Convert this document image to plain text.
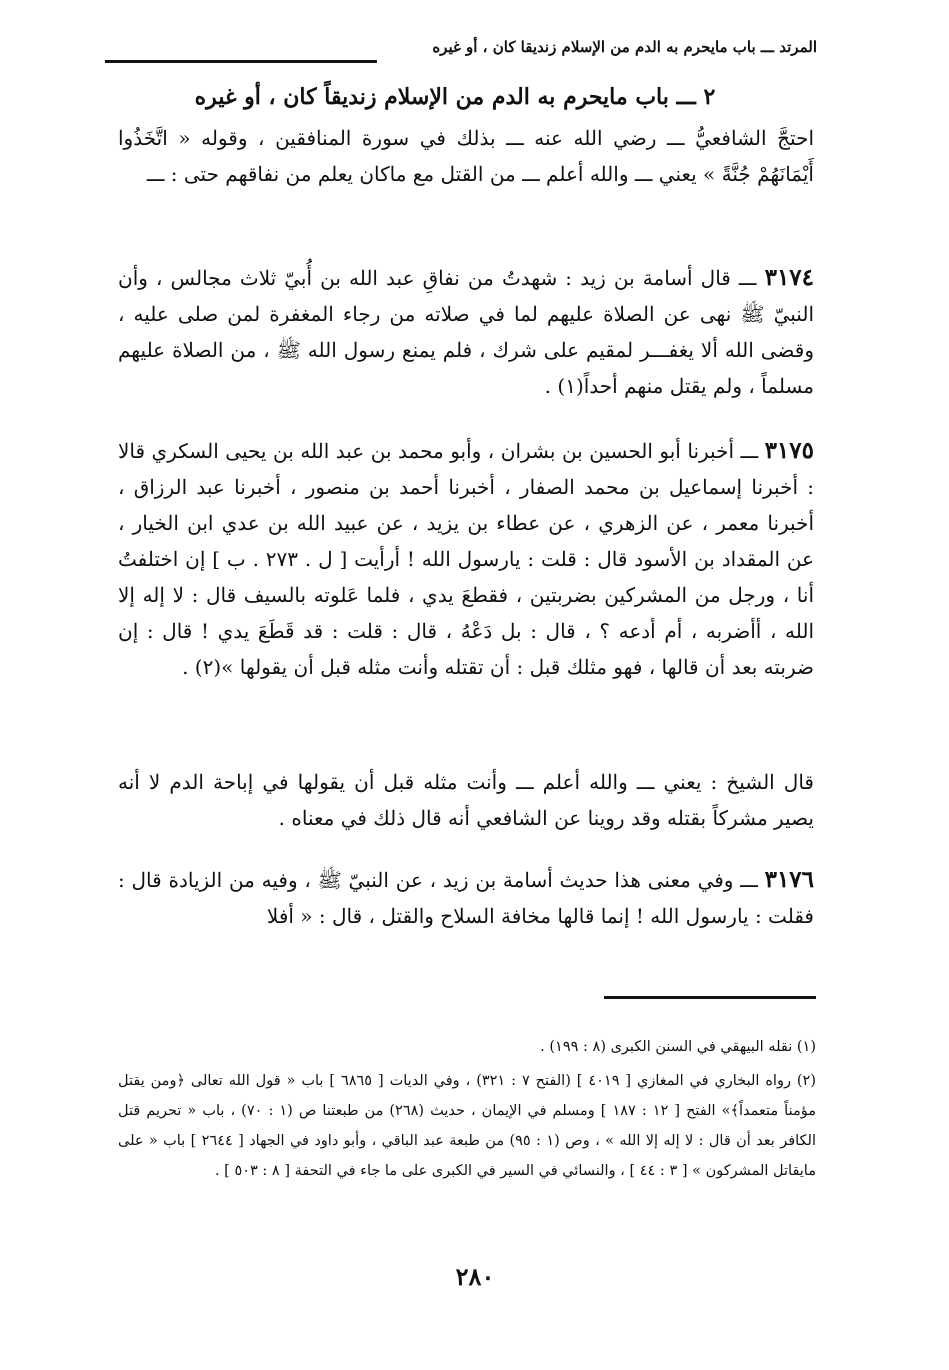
المرتد ـــ باب مايحرم به الدم من الإسلام زنديقا كان ، أو غيره
٢ ـــ باب مايحرم به الدم من الإسلام زنديقاً كان ، أو غيره

احتجَّ الشافعيُّ ـــ رضي الله عنه ـــ بذلك في سورة المنافقين ، وقوله « اتَّخَذُوا أَيْمَانَهُمْ جُنَّةً » يعني ـــ والله أعلم ـــ من القتل مع ماكان يعلم من نفاقهم حتى : ـــ

٣١٧٤ ـــ قال أسامة بن زيد : شهدتُ من نفاقِ عبد الله بن أُبيّ ثلاث مجالس ، وأن النبيّ ﷺ نهى عن الصلاة عليهم لما في صلاته من رجاء المغفرة لمن صلى عليه ، وقضى الله ألا يغفـــر لمقيم على شرك ، فلم يمنع رسول الله ﷺ ، من الصلاة عليهم مسلماً ، ولم يقتل منهم أحداً(١) .

٣١٧٥ ـــ أخبرنا أبو الحسين بن بشران ، وأبو محمد بن عبد الله بن يحيى السكري قالا : أخبرنا إسماعيل بن محمد الصفار ، أخبرنا أحمد بن منصور ، أخبرنا عبد الرزاق ، أخبرنا معمر ، عن الزهري ، عن عطاء بن يزيد ، عن عبيد الله بن عدي ابن الخيار ، عن المقداد بن الأسود قال : قلت : يارسول الله ! أرأيت [ ل . ٢٧٣ . ب ] إن اختلفتُ أنا ، ورجل من المشركين بضربتين ، فقطعَ يدي ، فلما عَلوته بالسيف قال : لا إله إلا الله ، أأضربه ، أم أدعه ؟ ، قال : بل دَعْهُ ، قال : قلت : قد قَطَعَ يدي ! قال : إن ضربته بعد أن قالها ، فهو مثلك قبل : أن تقتله وأنت مثله قبل أن يقولها »(٢) .

قال الشيخ : يعني ـــ والله أعلم ـــ وأنت مثله قبل أن يقولها في إباحة الدم لا أنه يصير مشركاً بقتله وقد روينا عن الشافعي أنه قال ذلك في معناه .

٣١٧٦ ـــ وفي معنى هذا حديث أسامة بن زيد ، عن النبيّ ﷺ ، وفيه من الزيادة قال : فقلت : يارسول الله ! إنما قالها مخافة السلاح والقتل ، قال : « أفلا

(١) نقله البيهقي في السنن الكبرى (٨ : ١٩٩) .

(٢) رواه البخاري في المغازي [ ٤٠١٩ ] (الفتح ٧ : ٣٢١) ، وفي الديات [ ٦٨٦٥ ] باب « قول الله تعالى ﴿ومن يقتل مؤمناً متعمداً﴾» الفتح [ ١٢ : ١٨٧ ] ومسلم في الإيمان ، حديث (٢٦٨) من طبعتنا ص (١ : ٧٠) ، باب « تحريم قتل الكافر بعد أن قال : لا إله إلا الله » ، وص (١ : ٩٥) من طبعة عبد الباقي ، وأبو داود في الجهاد [ ٢٦٤٤ ] باب « على مايقاتل المشركون » [ ٣ : ٤٤ ] ، والنسائي في السير في الكبرى على ما جاء في التحفة [ ٨ : ٥٠٣ ] .

٢٨٠
